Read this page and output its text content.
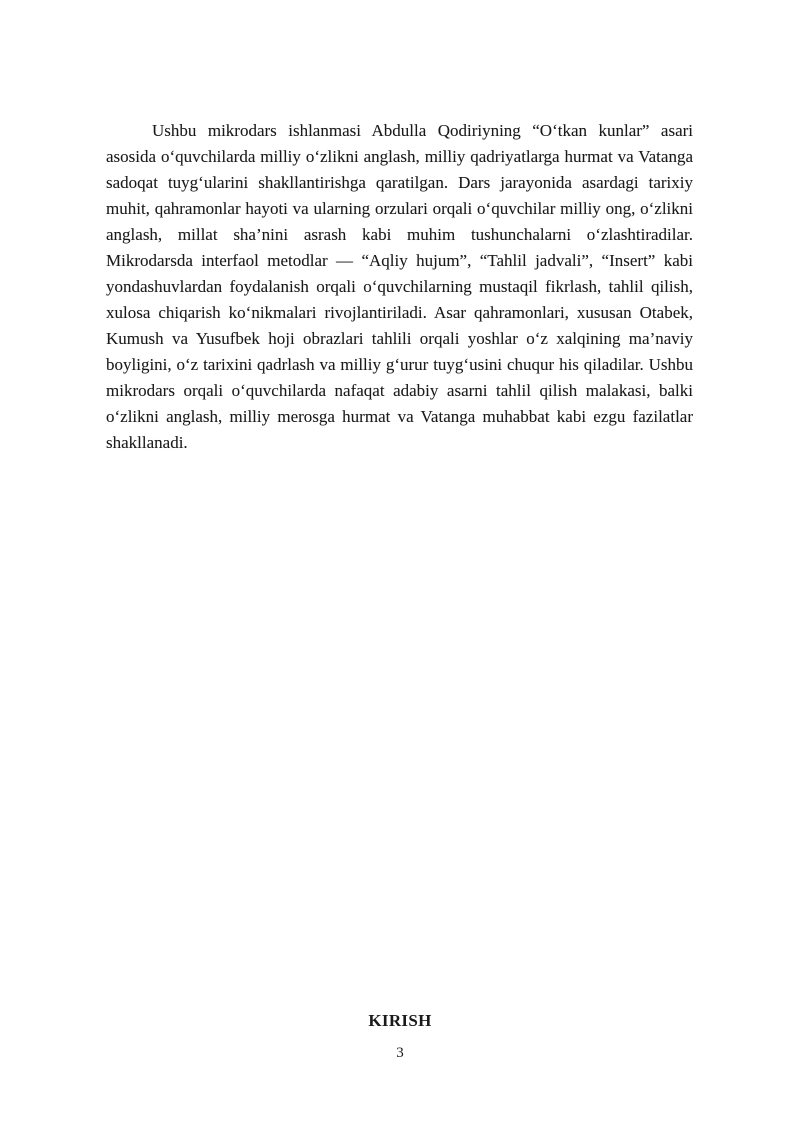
Ushbu mikrodars ishlanmasi Abdulla Qodiriyning “O‘tkan kunlar” asari asosida o‘quvchilarda milliy o‘zlikni anglash, milliy qadriyatlarga hurmat va Vatanga sadoqat tuyg‘ularini shakllantirishga qaratilgan. Dars jarayonida asardagi tarixiy muhit, qahramonlar hayoti va ularning orzulari orqali o‘quvchilar milliy ong, o‘zlikni anglash, millat sha’nini asrash kabi muhim tushunchalarni o‘zlashtiradilar. Mikrodarsda interfaol metodlar — “Aqliy hujum”, “Tahlil jadvali”, “Insert” kabi yondashuvlardan foydalanish orqali o‘quvchilarning mustaqil fikrlash, tahlil qilish, xulosa chiqarish ko‘nikmalari rivojlantiriladi. Asar qahramonlari, xususan Otabek, Kumush va Yusufbek hoji obrazlari tahlili orqali yoshlar o‘z xalqining ma’naviy boyligini, o‘z tarixini qadrlash va milliy g‘urur tuyg‘usini chuqur his qiladilar. Ushbu mikrodars orqali o‘quvchilarda nafaqat adabiy asarni tahlil qilish malakasi, balki o‘zlikni anglash, milliy merosga hurmat va Vatanga muhabbat kabi ezgu fazilatlar shakllanadi.

KIRISH
3
